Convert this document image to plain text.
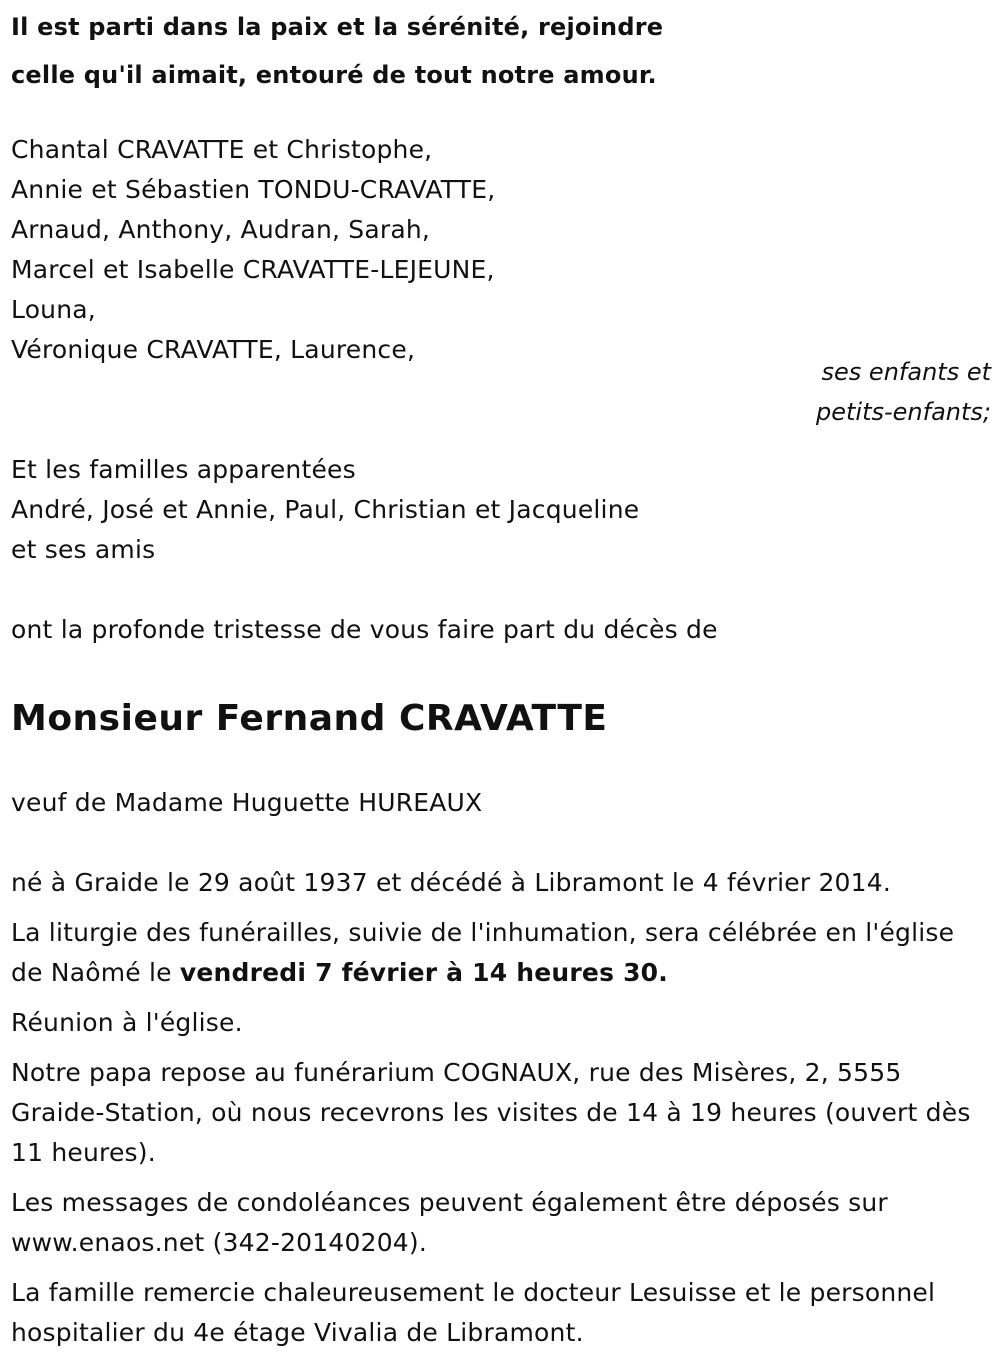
Il est parti dans la paix et la sérénité, rejoindre

celle qu'il aimait, entouré de tout notre amour.

Chantal CRAVATTE et Christophe,

Annie et Sébastien TONDU-CRAVATTE,

Arnaud, Anthony, Audran, Sarah,

Marcel et Isabelle CRAVATTE-LEJEUNE,

Louna,

Véronique CRAVATTE, Laurence,

ses enfants et
petits-enfants;

Et les familles apparentées

André, José et Annie, Paul, Christian et Jacqueline

et ses amis

ont la profonde tristesse de vous faire part du décès de

Monsieur Fernand CRAVATTE

veuf de Madame Huguette HUREAUX

né à Graide le 29 août 1937 et décédé à Libramont le 4 février 2014.

La liturgie des funérailles, suivie de l'inhumation, sera célébrée en l'église de Naômé le vendredi 7 février à 14 heures 30.

Réunion à l'église.

Notre papa repose au funérarium COGNAUX, rue des Misères, 2, 5555 Graide-Station, où nous recevrons les visites de 14 à 19 heures (ouvert dès 11 heures).

Les messages de condoléances peuvent également être déposés sur www.enaos.net (342-20140204).

La famille remercie chaleureusement le docteur Lesuisse et le personnel hospitalier du 4e étage Vivalia de Libramont.
